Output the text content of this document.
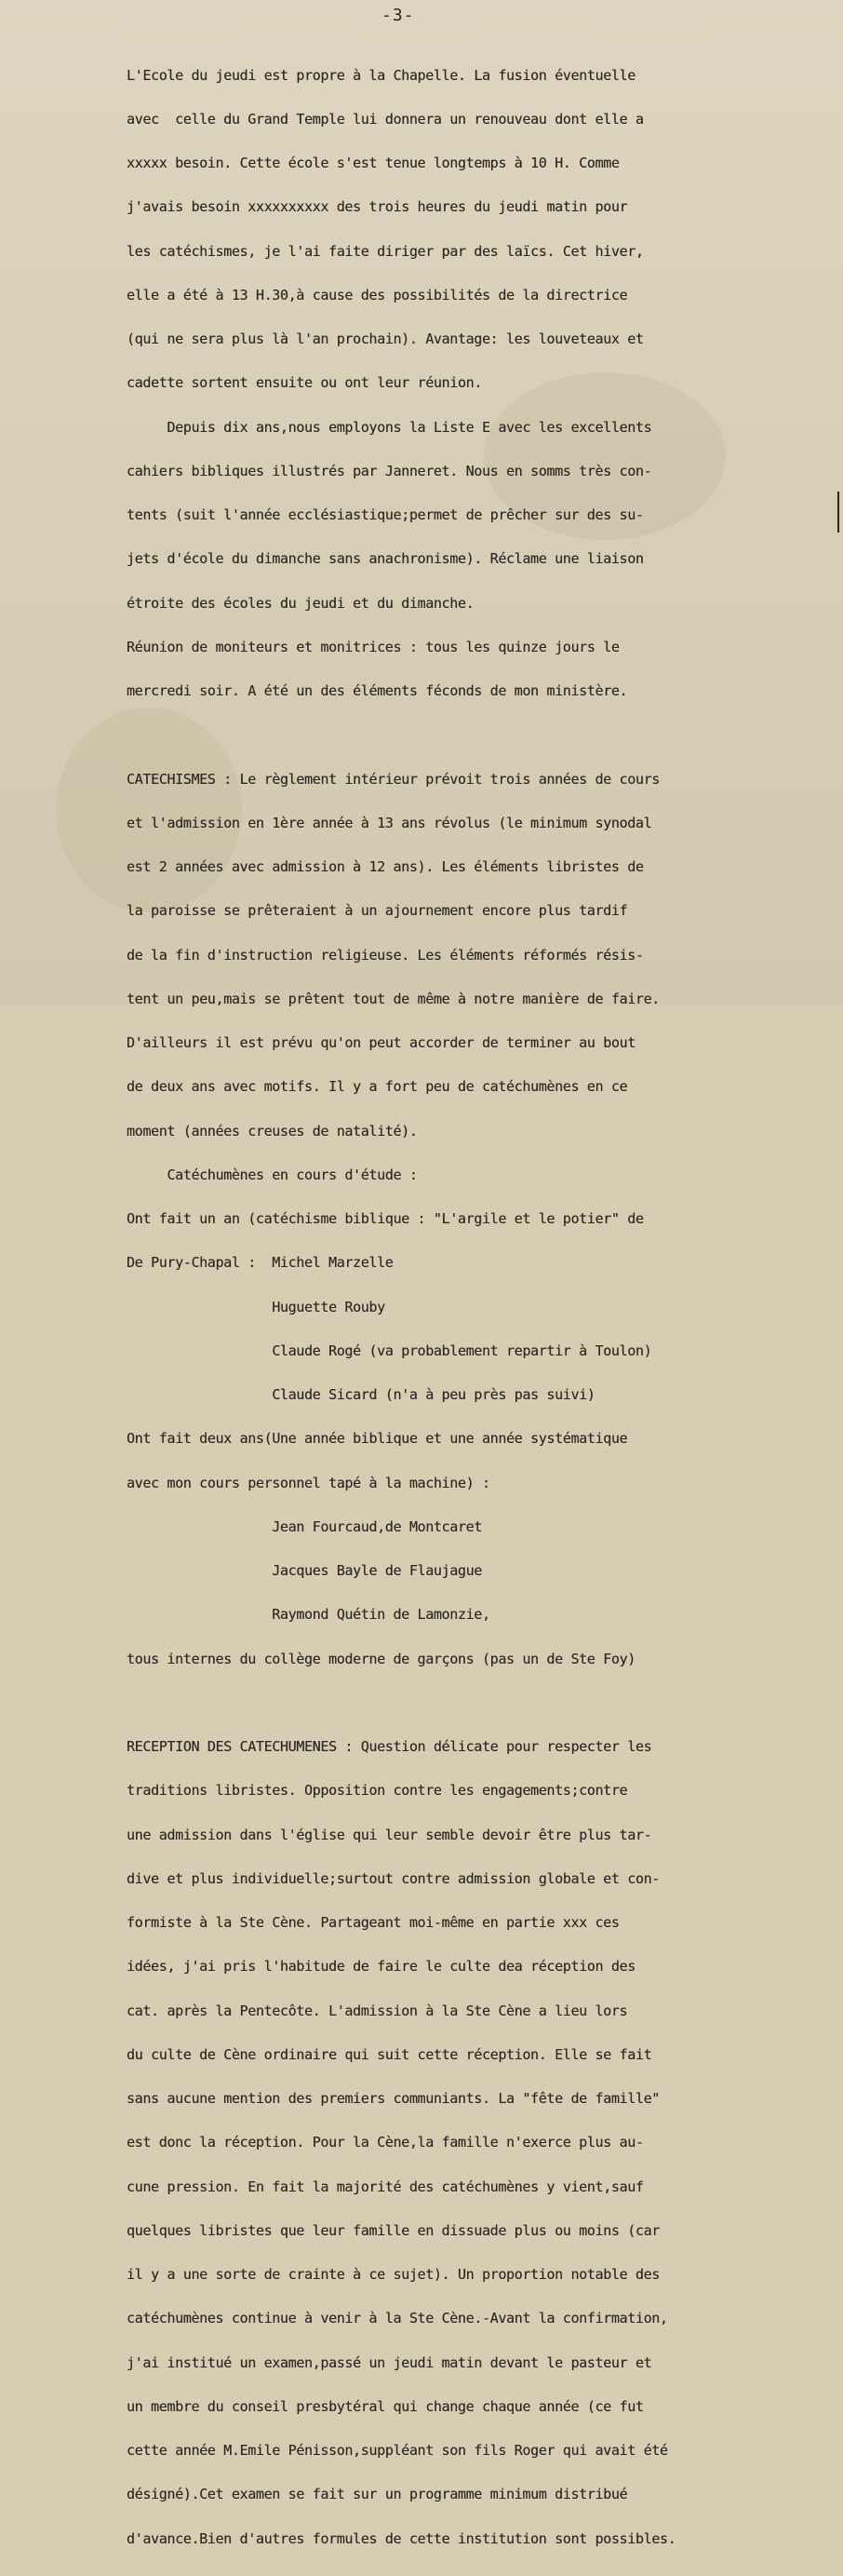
-3-

L'Ecole du jeudi est propre à la Chapelle. La fusion éventuelle

avec  celle du Grand Temple lui donnera un renouveau dont elle a

xxxxx besoin. Cette école s'est tenue longtemps à 10 H. Comme

j'avais besoin xxxxxxxxxx des trois heures du jeudi matin pour

les catéchismes, je l'ai faite diriger par des laïcs. Cet hiver,

elle a été à 13 H.30,à cause des possibilités de la directrice

(qui ne sera plus là l'an prochain). Avantage: les louveteaux et

cadette sortent ensuite ou ont leur réunion.

Depuis dix ans,nous employons la Liste E avec les excellents

cahiers bibliques illustrés par Janneret. Nous en somms très con-

tents (suit l'année ecclésiastique;permet de prêcher sur des su-

jets d'école du dimanche sans anachronisme). Réclame une liaison

étroite des écoles du jeudi et du dimanche.

Réunion de moniteurs et monitrices : tous les quinze jours le

mercredi soir. A été un des éléments féconds de mon ministère.

CATECHISMES : Le règlement intérieur prévoit trois années de cours

et l'admission en 1ère année à 13 ans révolus (le minimum synodal

est 2 années avec admission à 12 ans). Les éléments libristes de

la paroisse se prêteraient à un ajournement encore plus tardif

de la fin d'instruction religieuse. Les éléments réformés résis-

tent un peu,mais se prêtent tout de même à notre manière de faire.

D'ailleurs il est prévu qu'on peut accorder de terminer au bout

de deux ans avec motifs. Il y a fort peu de catéchumènes en ce

moment (années creuses de natalité).

Catéchumènes en cours d'étude :

Ont fait un an (catéchisme biblique : "L'argile et le potier" de

De Pury-Chapal :  Michel Marzelle

Huguette Rouby

Claude Rogé (va probablement repartir à Toulon)

Claude Sicard (n'a à peu près pas suivi)

Ont fait deux ans(Une année biblique et une année systématique

avec mon cours personnel tapé à la machine) :

Jean Fourcaud,de Montcaret

Jacques Bayle de Flaujague

Raymond Quétin de Lamonzie,

tous internes du collège moderne de garçons (pas un de Ste Foy)

RECEPTION DES CATECHUMENES : Question délicate pour respecter les

traditions libristes. Opposition contre les engagements;contre

une admission dans l'église qui leur semble devoir être plus tar-

dive et plus individuelle;surtout contre admission globale et con-

formiste à la Ste Cène. Partageant moi-même en partie xxx ces

idées, j'ai pris l'habitude de faire le culte dea réception des

cat. après la Pentecôte. L'admission à la Ste Cène a lieu lors

du culte de Cène ordinaire qui suit cette réception. Elle se fait

sans aucune mention des premiers communiants. La "fête de famille"

est donc la réception. Pour la Cène,la famille n'exerce plus au-

cune pression. En fait la majorité des catéchumènes y vient,sauf

quelques libristes que leur famille en dissuade plus ou moins (car

il y a une sorte de crainte à ce sujet). Un proportion notable des

catéchumènes continue à venir à la Ste Cène.-Avant la confirmation,

j'ai institué un examen,passé un jeudi matin devant le pasteur et

un membre du conseil presbytéral qui change chaque année (ce fut

cette année M.Emile Pénisson,suppléant son fils Roger qui avait été

désigné).Cet examen se fait sur un programme minimum distribué

d'avance.Bien d'autres formules de cette institution sont possibles.
